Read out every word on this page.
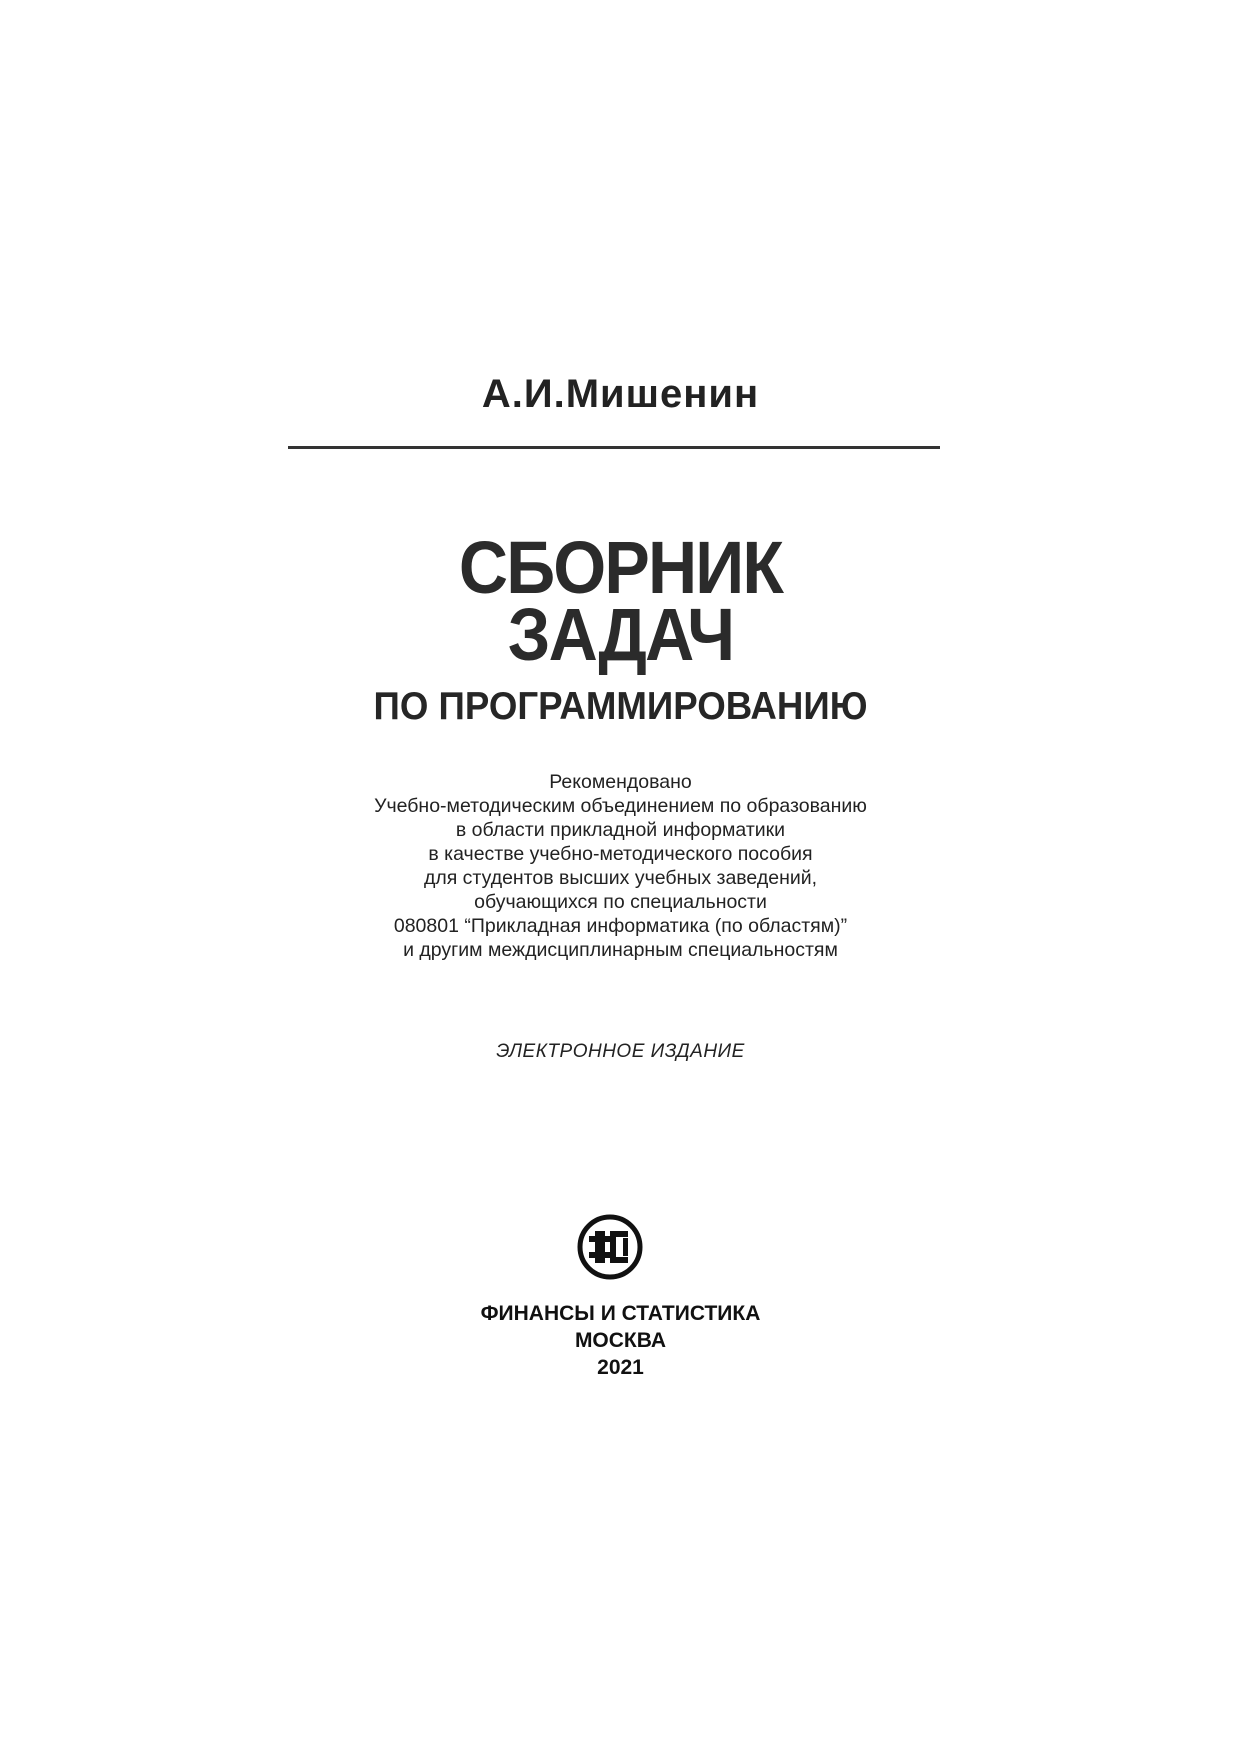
А.И.Мишенин
СБОРНИК
ЗАДАЧ
ПО ПРОГРАММИРОВАНИЮ
Рекомендовано
Учебно-методическим объединением по образованию
в области прикладной информатики
в качестве учебно-методического пособия
для студентов высших учебных заведений,
обучающихся по специальности
080801 “Прикладная информатика (по областям)”
и другим междисциплинарным специальностям
ЭЛЕКТРОННОЕ ИЗДАНИЕ
ФИНАНСЫ И СТАТИСТИКА
МОСКВА
2021
